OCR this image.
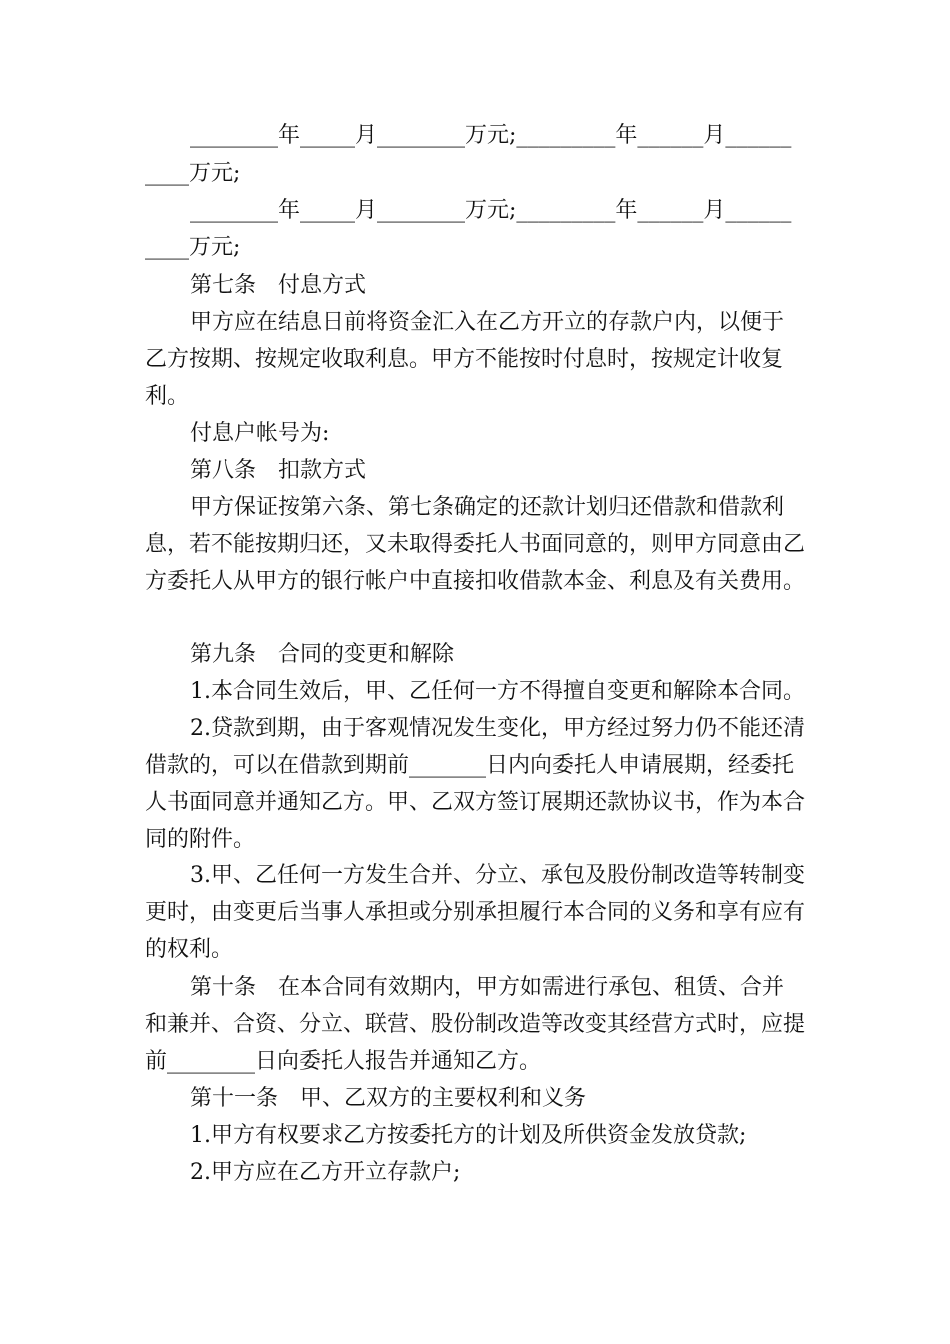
________年_____月________万元;_________年______月______
____万元;
________年_____月________万元;_________年______月______
____万元;
第七条　付息方式
甲方应在结息日前将资金汇入在乙方开立的存款户内，以便于乙方按期、按规定收取利息。甲方不能按时付息时，按规定计收复利。
付息户帐号为:
第八条　扣款方式
甲方保证按第六条、第七条确定的还款计划归还借款和借款利息，若不能按期归还，又未取得委托人书面同意的，则甲方同意由乙方委托人从甲方的银行帐户中直接扣收借款本金、利息及有关费用。
第九条　合同的变更和解除
1.本合同生效后，甲、乙任何一方不得擅自变更和解除本合同。
2.贷款到期，由于客观情况发生变化，甲方经过努力仍不能还清借款的，可以在借款到期前_______日内向委托人申请展期，经委托人书面同意并通知乙方。甲、乙双方签订展期还款协议书，作为本合同的附件。
3.甲、乙任何一方发生合并、分立、承包及股份制改造等转制变更时，由变更后当事人承担或分别承担履行本合同的义务和享有应有的权利。
第十条　在本合同有效期内，甲方如需进行承包、租赁、合并和兼并、合资、分立、联营、股份制改造等改变其经营方式时，应提前________日向委托人报告并通知乙方。
第十一条　甲、乙双方的主要权利和义务
1.甲方有权要求乙方按委托方的计划及所供资金发放贷款;
2.甲方应在乙方开立存款户;
